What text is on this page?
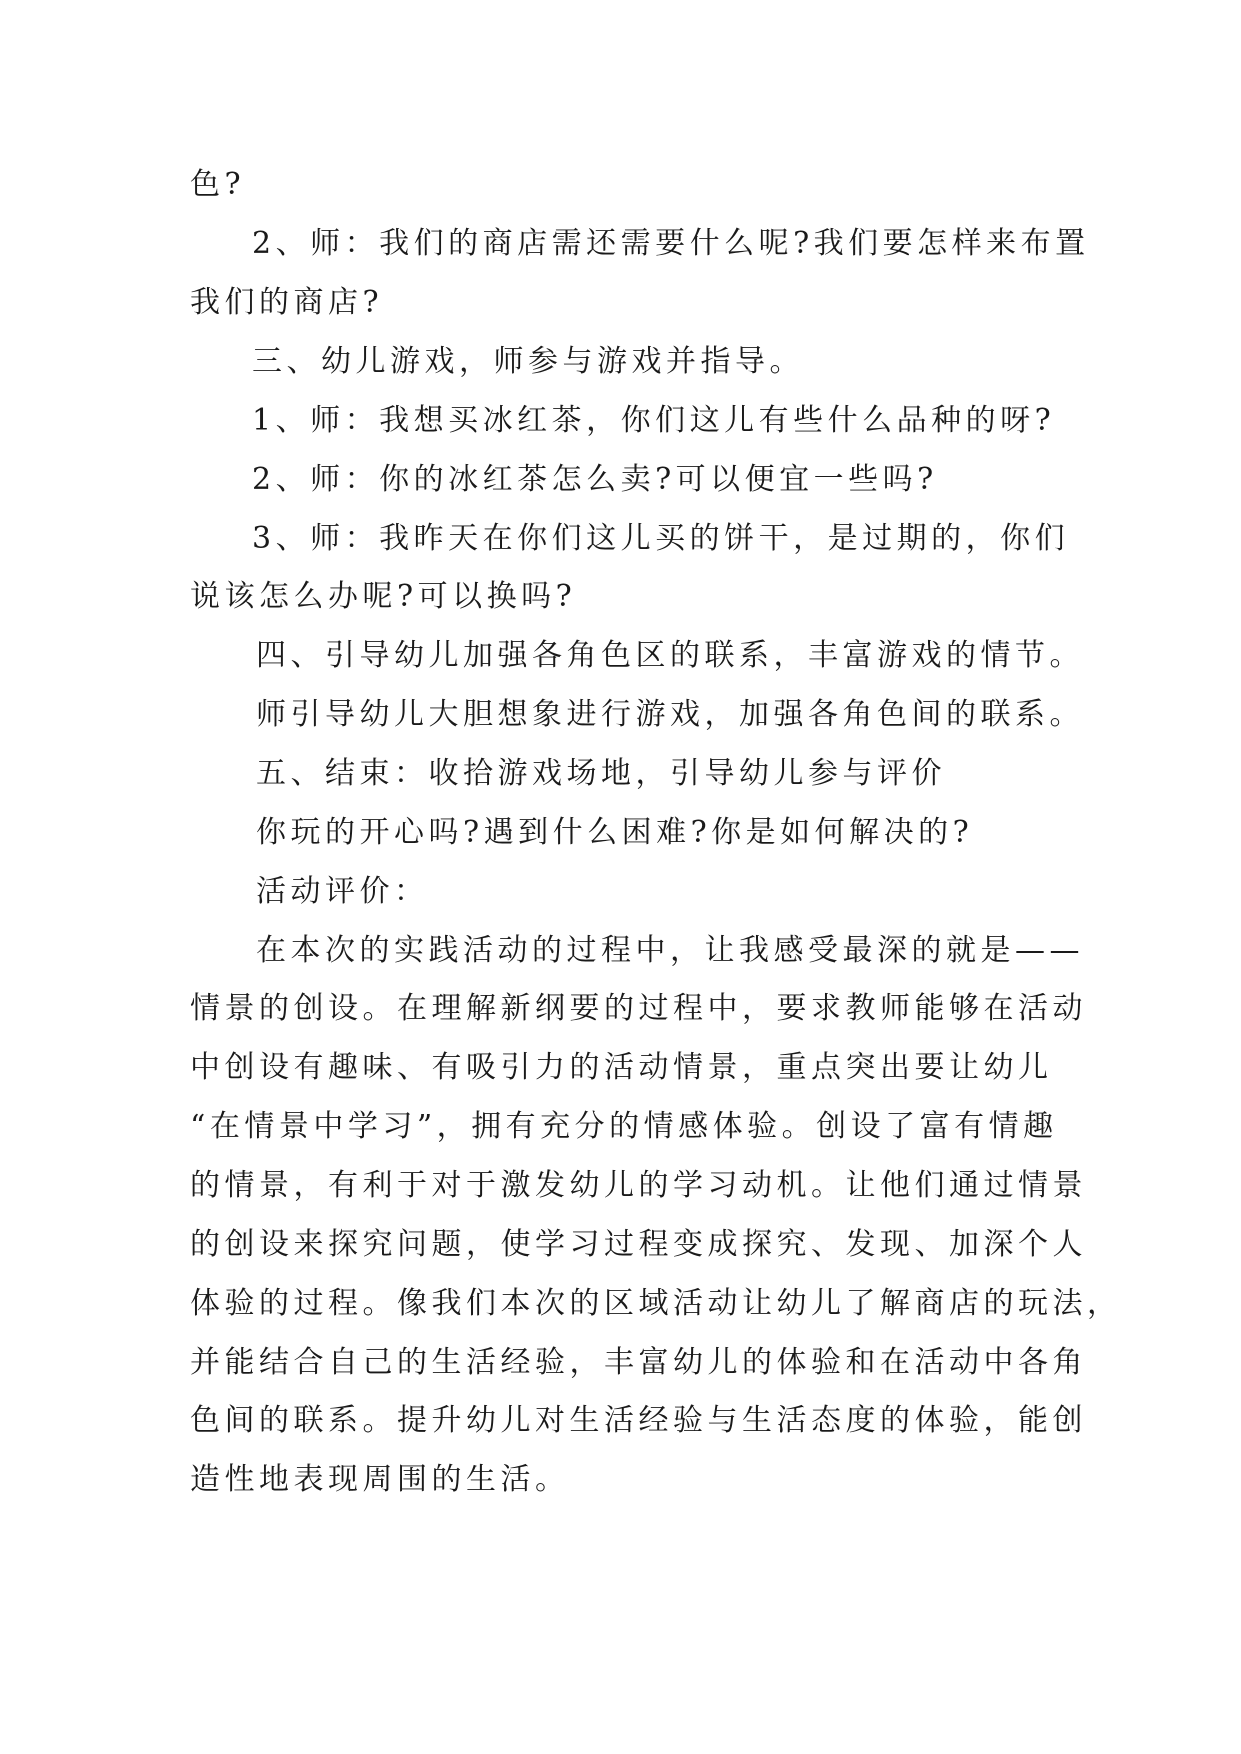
色?
2、师：我们的商店需还需要什么呢?我们要怎样来布置
我们的商店?
三、幼儿游戏，师参与游戏并指导。
1、师：我想买冰红茶，你们这儿有些什么品种的呀?
2、师：你的冰红茶怎么卖?可以便宜一些吗?
3、师：我昨天在你们这儿买的饼干，是过期的，你们
说该怎么办呢?可以换吗?
四、引导幼儿加强各角色区的联系，丰富游戏的情节。
师引导幼儿大胆想象进行游戏，加强各角色间的联系。
五、结束：收拾游戏场地，引导幼儿参与评价
你玩的开心吗?遇到什么困难?你是如何解决的?
活动评价：
在本次的实践活动的过程中，让我感受最深的就是——
情景的创设。在理解新纲要的过程中，要求教师能够在活动
中创设有趣味、有吸引力的活动情景，重点突出要让幼儿
“在情景中学习”，拥有充分的情感体验。创设了富有情趣
的情景，有利于对于激发幼儿的学习动机。让他们通过情景
的创设来探究问题，使学习过程变成探究、发现、加深个人
体验的过程。像我们本次的区域活动让幼儿了解商店的玩法，
并能结合自己的生活经验，丰富幼儿的体验和在活动中各角
色间的联系。提升幼儿对生活经验与生活态度的体验，能创
造性地表现周围的生活。
